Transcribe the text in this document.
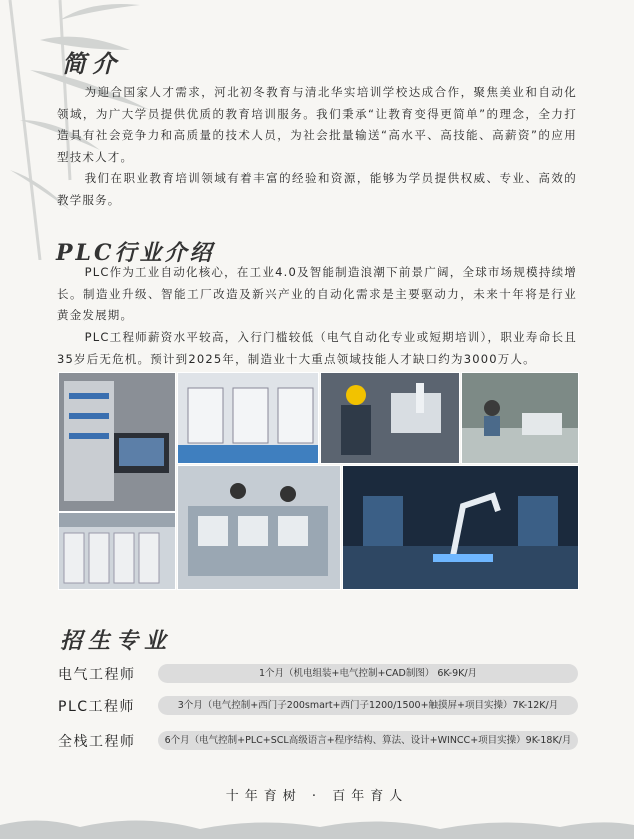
简介

为迎合国家人才需求，河北初冬教育与清北华实培训学校达成合作，聚焦美业和自动化领域，为广大学员提供优质的教育培训服务。我们秉承“让教育变得更简单”的理念，全力打造具有社会竞争力和高质量的技术人员，为社会批量输送“高水平、高技能、高薪资”的应用型技术人才。

我们在职业教育培训领域有着丰富的经验和资源，能够为学员提供权威、专业、高效的教学服务。

PLC行业介绍

PLC作为工业自动化核心，在工业4.0及智能制造浪潮下前景广阔，全球市场规模持续增长。制造业升级、智能工厂改造及新兴产业的自动化需求是主要驱动力，未来十年将是行业黄金发展期。

PLC工程师薪资水平较高，入行门槛较低（电气自动化专业或短期培训），职业寿命长且35岁后无危机。预计到2025年，制造业十大重点领域技能人才缺口约为3000万人。

招生专业
电气工程师	1个月（机电组装+电气控制+CAD制图） 6K-9K/月
PLC工程师	3个月（电气控制+西门子200smart+西门子1200/1500+触摸屏+项目实操）7K-12K/月
全栈工程师	6个月（电气控制+PLC+SCL高级语言+程序结构、算法、设计+WINCC+项目实操）9K-18K/月
十年育树 · 百年育人
